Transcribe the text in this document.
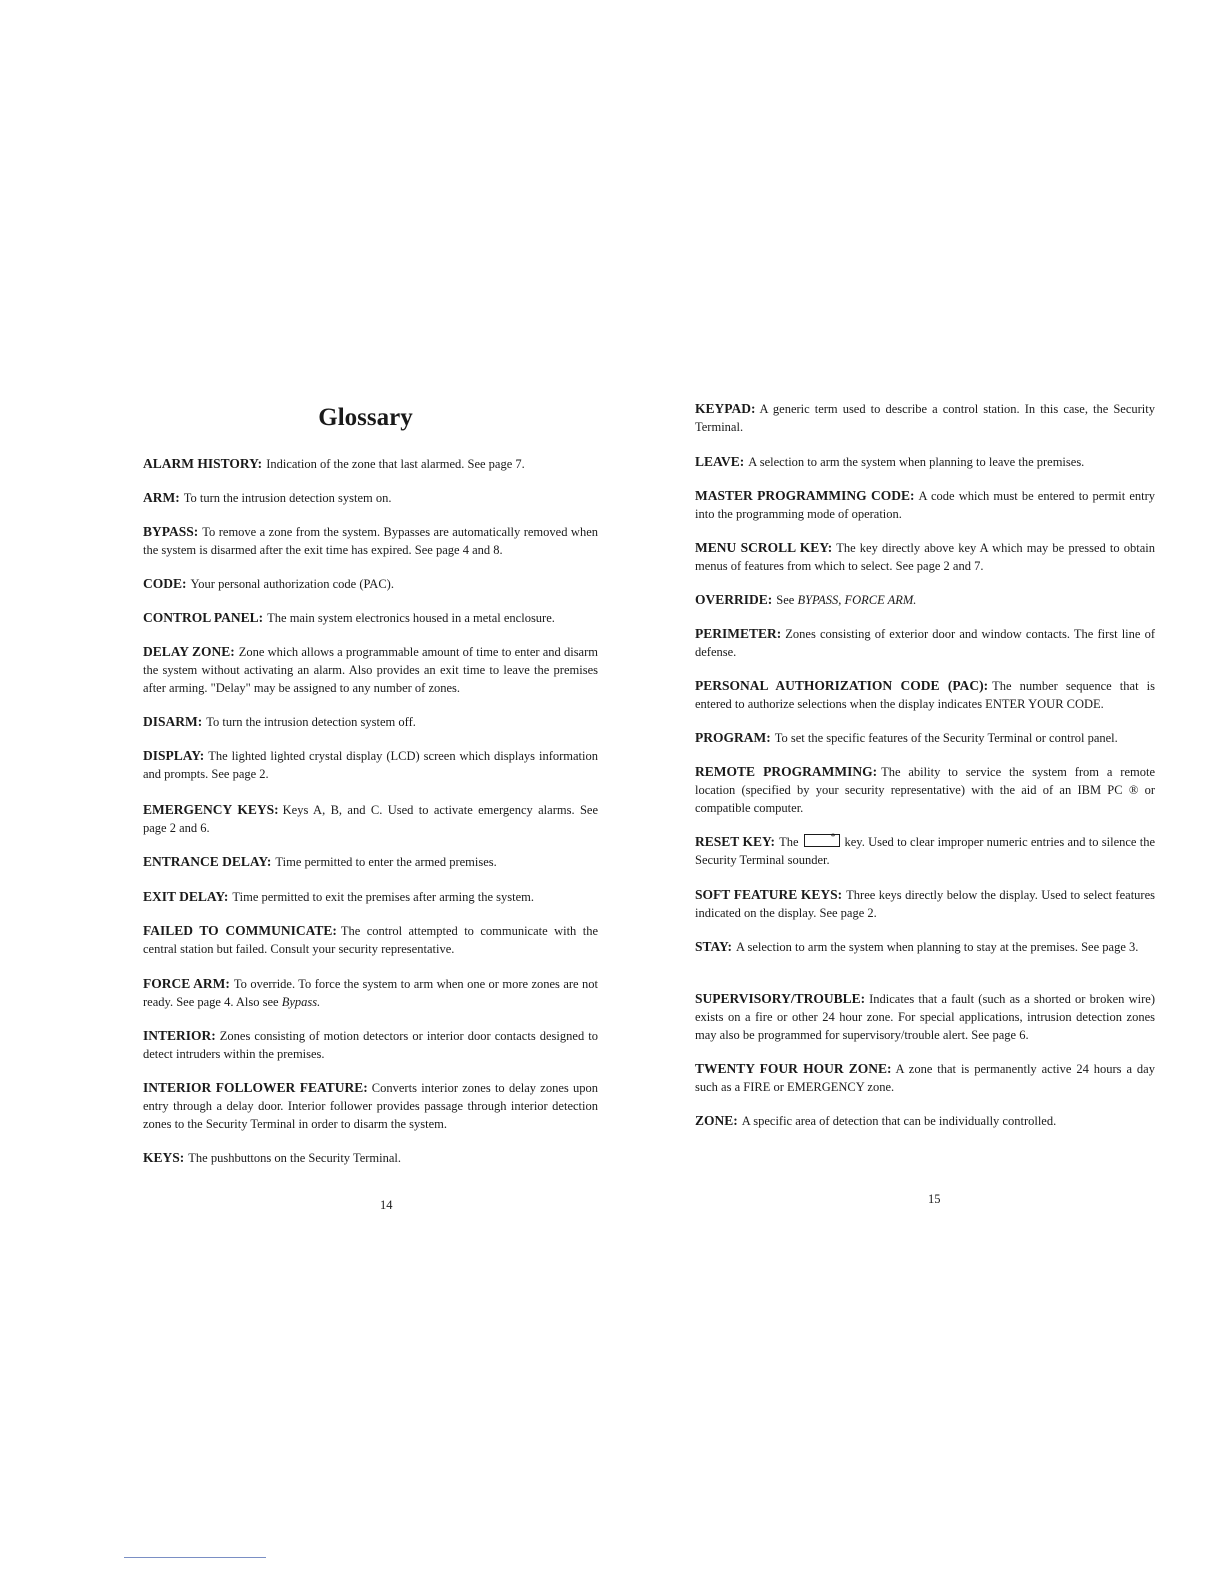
Glossary

ALARM HISTORY: Indication of the zone that last alarmed. See page 7.

ARM: To turn the intrusion detection system on.

BYPASS: To remove a zone from the system. Bypasses are automatically removed when the system is disarmed after the exit time has expired. See page 4 and 8.

CODE: Your personal authorization code (PAC).

CONTROL PANEL: The main system electronics housed in a metal enclosure.

DELAY ZONE: Zone which allows a programmable amount of time to enter and disarm the system without activating an alarm. Also provides an exit time to leave the premises after arming. "Delay" may be assigned to any number of zones.

DISARM: To turn the intrusion detection system off.

DISPLAY: The lighted lighted crystal display (LCD) screen which displays information and prompts. See page 2.

EMERGENCY KEYS: Keys A, B, and C. Used to activate emergency alarms. See page 2 and 6.

ENTRANCE DELAY: Time permitted to enter the armed premises.

EXIT DELAY: Time permitted to exit the premises after arming the system.

FAILED TO COMMUNICATE: The control attempted to communicate with the central station but failed. Consult your security representative.

FORCE ARM: To override. To force the system to arm when one or more zones are not ready. See page 4. Also see Bypass.

INTERIOR: Zones consisting of motion detectors or interior door contacts designed to detect intruders within the premises.

INTERIOR FOLLOWER FEATURE: Converts interior zones to delay zones upon entry through a delay door. Interior follower provides passage through interior detection zones to the Security Terminal in order to disarm the system.

KEYS: The pushbuttons on the Security Terminal.

14

KEYPAD: A generic term used to describe a control station. In this case, the Security Terminal.

LEAVE: A selection to arm the system when planning to leave the premises.

MASTER PROGRAMMING CODE: A code which must be entered to permit entry into the programming mode of operation.

MENU SCROLL KEY: The key directly above key A which may be pressed to obtain menus of features from which to select. See page 2 and 7.

OVERRIDE: See BYPASS, FORCE ARM.

PERIMETER: Zones consisting of exterior door and window contacts. The first line of defense.

PERSONAL AUTHORIZATION CODE (PAC): The number sequence that is entered to authorize selections when the display indicates ENTER YOUR CODE.

PROGRAM: To set the specific features of the Security Terminal or control panel.

REMOTE PROGRAMMING: The ability to service the system from a remote location (specified by your security representative) with the aid of an IBM PC ® or compatible computer.

RESET KEY: The	* key. Used to clear improper numeric entries and to silence the Security Terminal sounder.

SOFT FEATURE KEYS: Three keys directly below the display. Used to select features indicated on the display. See page 2.

STAY: A selection to arm the system when planning to stay at the premises. See page 3.

SUPERVISORY/TROUBLE: Indicates that a fault (such as a shorted or broken wire) exists on a fire or other 24 hour zone. For special applications, intrusion detection zones may also be programmed for supervisory/trouble alert. See page 6.

TWENTY FOUR HOUR ZONE: A zone that is permanently active 24 hours a day such as a FIRE or EMERGENCY zone.

ZONE: A specific area of detection that can be individually controlled.

15
